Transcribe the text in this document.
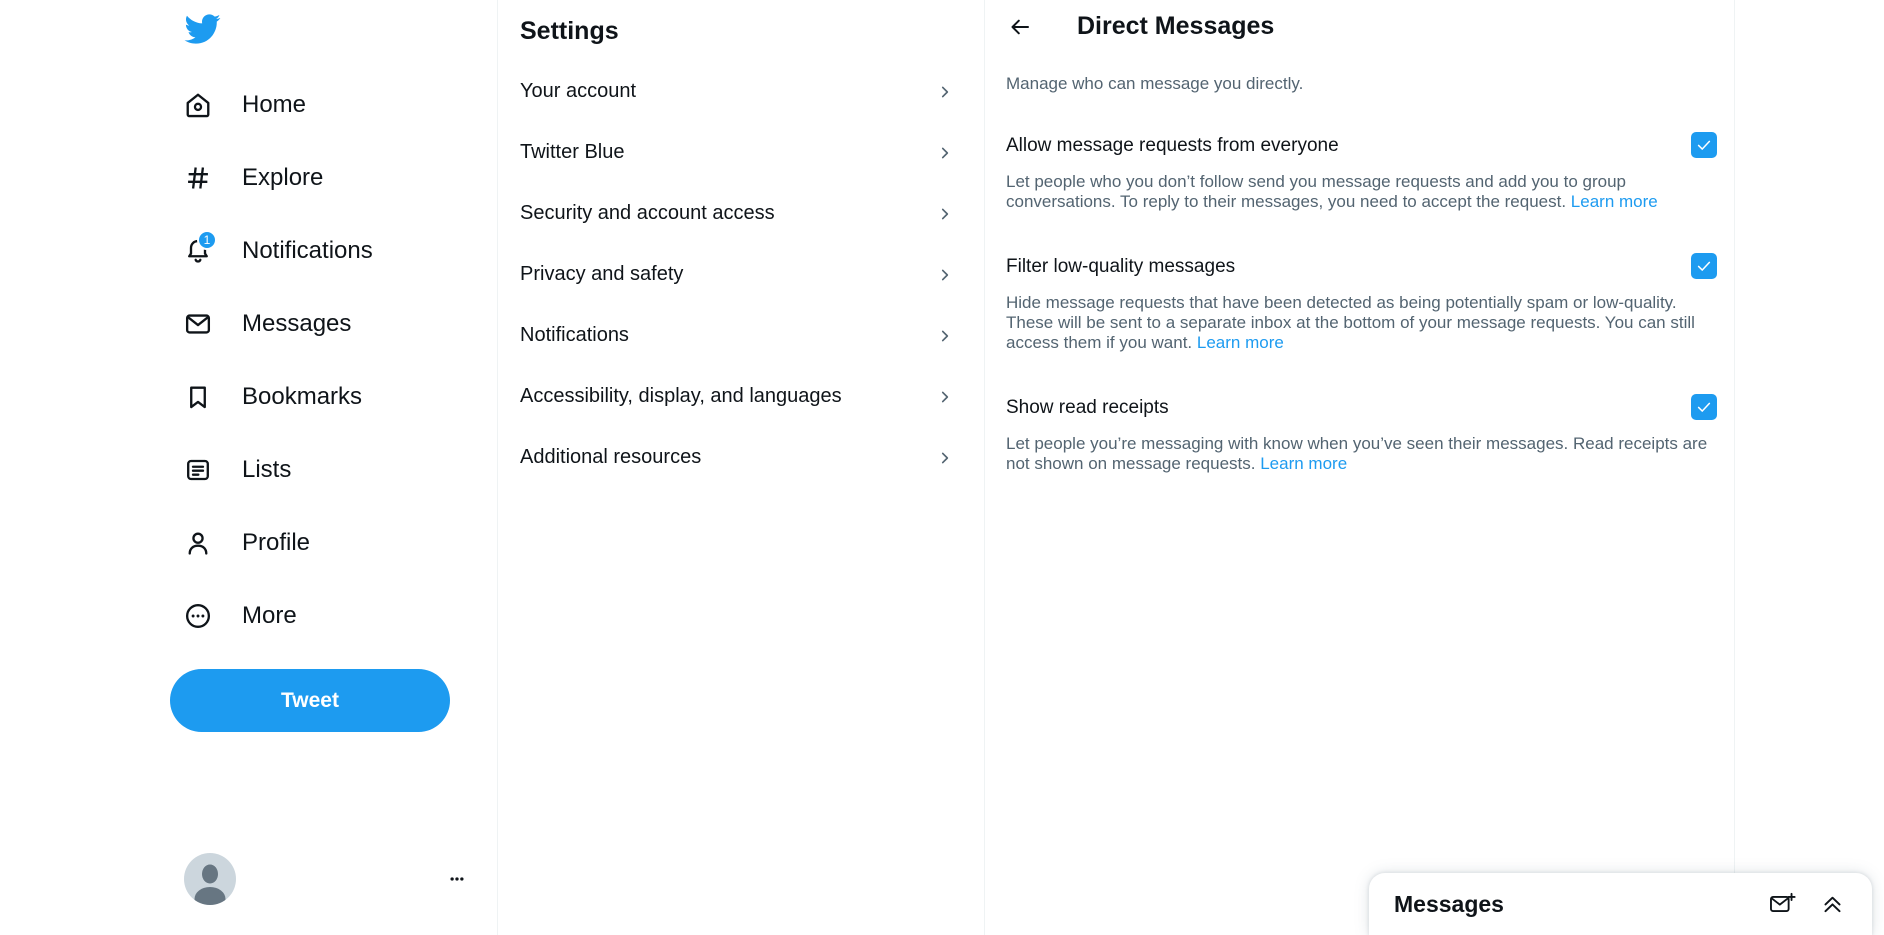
Home
Explore
1 Notifications
Messages
Bookmarks
Lists
Profile
More
Tweet
Settings
Your account
Twitter Blue
Security and account access
Privacy and safety
Notifications
Accessibility, display, and languages
Additional resources
Direct Messages
Manage who can message you directly.
Allow message requests from everyone
Let people who you don’t follow send you message requests and add you to group conversations. To reply to their messages, you need to accept the request. Learn more
Filter low-quality messages
Hide message requests that have been detected as being potentially spam or low-quality. These will be sent to a separate inbox at the bottom of your message requests. You can still access them if you want. Learn more
Show read receipts
Let people you’re messaging with know when you’ve seen their messages. Read receipts are not shown on message requests. Learn more
Messages
